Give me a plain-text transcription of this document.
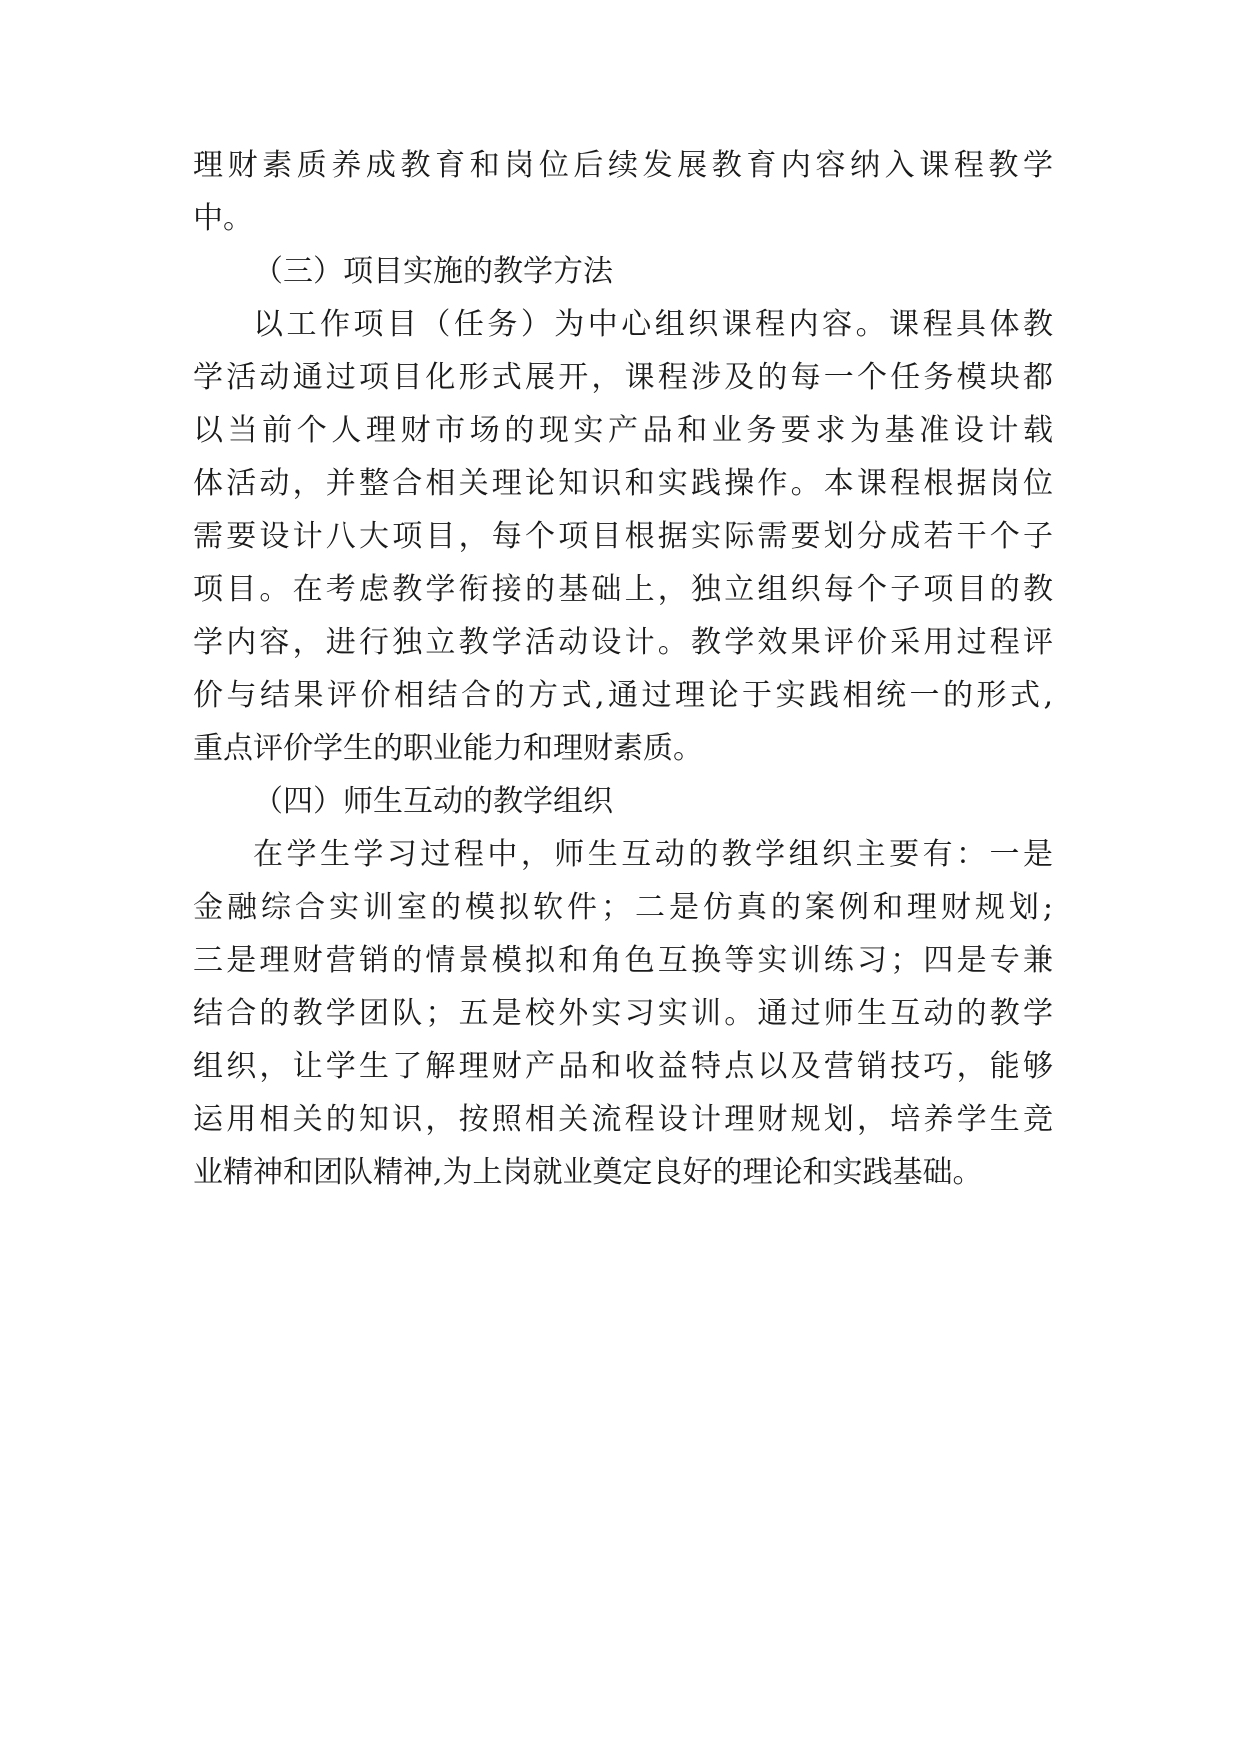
理财素质养成教育和岗位后续发展教育内容纳入课程教学
中。
（三）项目实施的教学方法
以工作项目（任务）为中心组织课程内容。课程具体教
学活动通过项目化形式展开，课程涉及的每一个任务模块都
以当前个人理财市场的现实产品和业务要求为基准设计载
体活动，并整合相关理论知识和实践操作。本课程根据岗位
需要设计八大项目，每个项目根据实际需要划分成若干个子
项目。在考虑教学衔接的基础上，独立组织每个子项目的教
学内容，进行独立教学活动设计。教学效果评价采用过程评
价与结果评价相结合的方式,通过理论于实践相统一的形式,
重点评价学生的职业能力和理财素质。
（四）师生互动的教学组织
在学生学习过程中，师生互动的教学组织主要有：一是
金融综合实训室的模拟软件；二是仿真的案例和理财规划;
三是理财营销的情景模拟和角色互换等实训练习；四是专兼
结合的教学团队；五是校外实习实训。通过师生互动的教学
组织，让学生了解理财产品和收益特点以及营销技巧，能够
运用相关的知识，按照相关流程设计理财规划，培养学生竞
业精神和团队精神,为上岗就业奠定良好的理论和实践基础。
